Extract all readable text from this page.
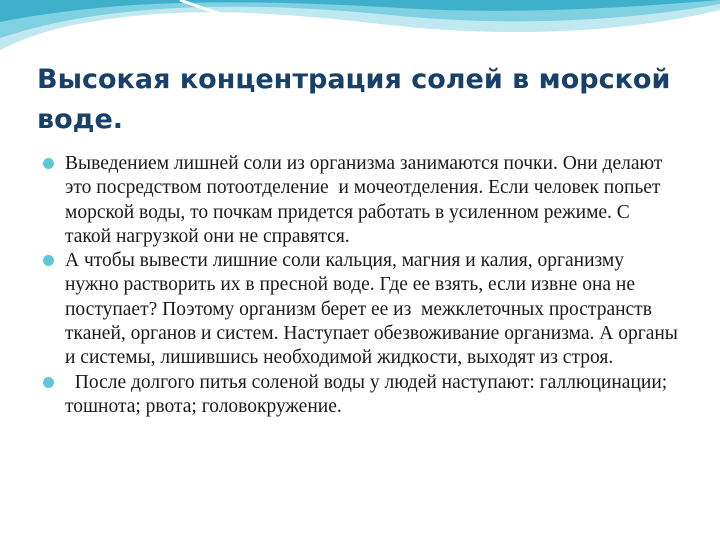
Высокая концентрация солей в морской воде.
Выведением лишней соли из организма занимаются почки. Они делают это посредством потоотделение  и мочеотделения. Если человек попьет морской воды, то почкам придется работать в усиленном режиме. С  такой нагрузкой они не справятся.
А чтобы вывести лишние соли кальция, магния и калия, организму нужно растворить их в пресной воде. Где ее взять, если извне она не поступает? Поэтому организм берет ее из  межклеточных пространств тканей, органов и систем. Наступает обезвоживание организма. А органы и системы, лишившись необходимой жидкости, выходят из строя.
После долгого питья соленой воды у людей наступают: галлюцинации; тошнота; рвота; головокружение.
